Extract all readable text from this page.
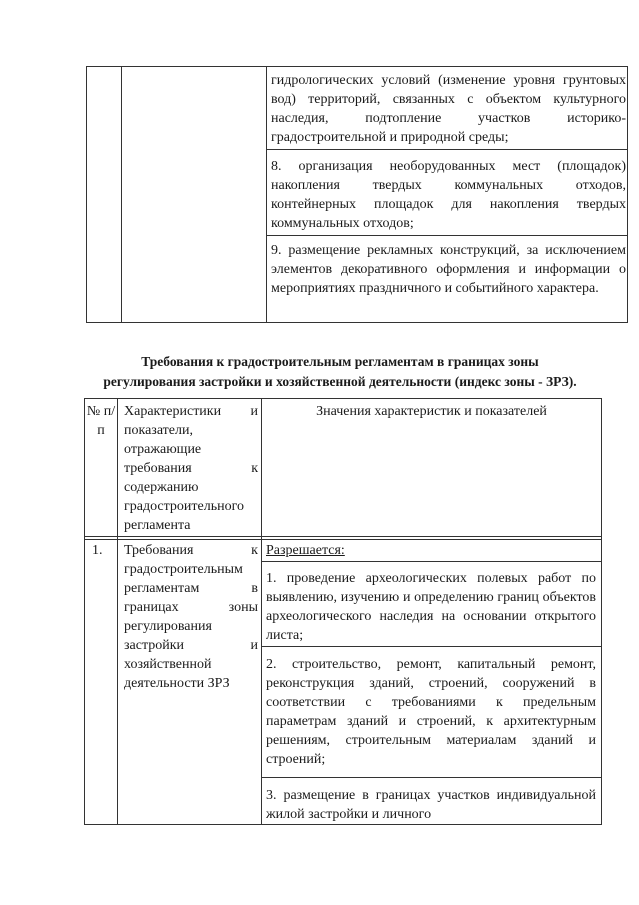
гидрологических условий (изменение уровня грунтовых вод) территорий, связанных с объектом культурного наследия, подтопление участков историко-градостроительной и природной среды;

8. организация необорудованных мест (площадок) накопления твердых коммунальных отходов, контейнерных площадок для накопления твердых коммунальных отходов;

9. размещение рекламных конструкций, за исключением элементов декоративного оформления и информации о мероприятиях праздничного и событийного характера.

Требования к градостроительным регламентам в границах зоны
регулирования застройки и хозяйственной деятельности (индекс зоны - ЗРЗ).

№ п/п

Характеристики и показатели, отражающие требования к содержанию градостроительного регламента

Значения характеристик и показателей

1.	Требования к градостроительным регламентам в границах зоны регулирования застройки и хозяйственной деятельности ЗРЗ

Разрешается:

1. проведение археологических полевых работ по выявлению, изучению и определению границ объектов археологического наследия на основании открытого листа;

2. строительство, ремонт, капитальный ремонт, реконструкция зданий, строений, сооружений в соответствии с требованиями к предельным параметрам зданий и строений, к архитектурным решениям, строительным материалам зданий и строений;

3. размещение в границах участков индивидуальной жилой застройки и личного
